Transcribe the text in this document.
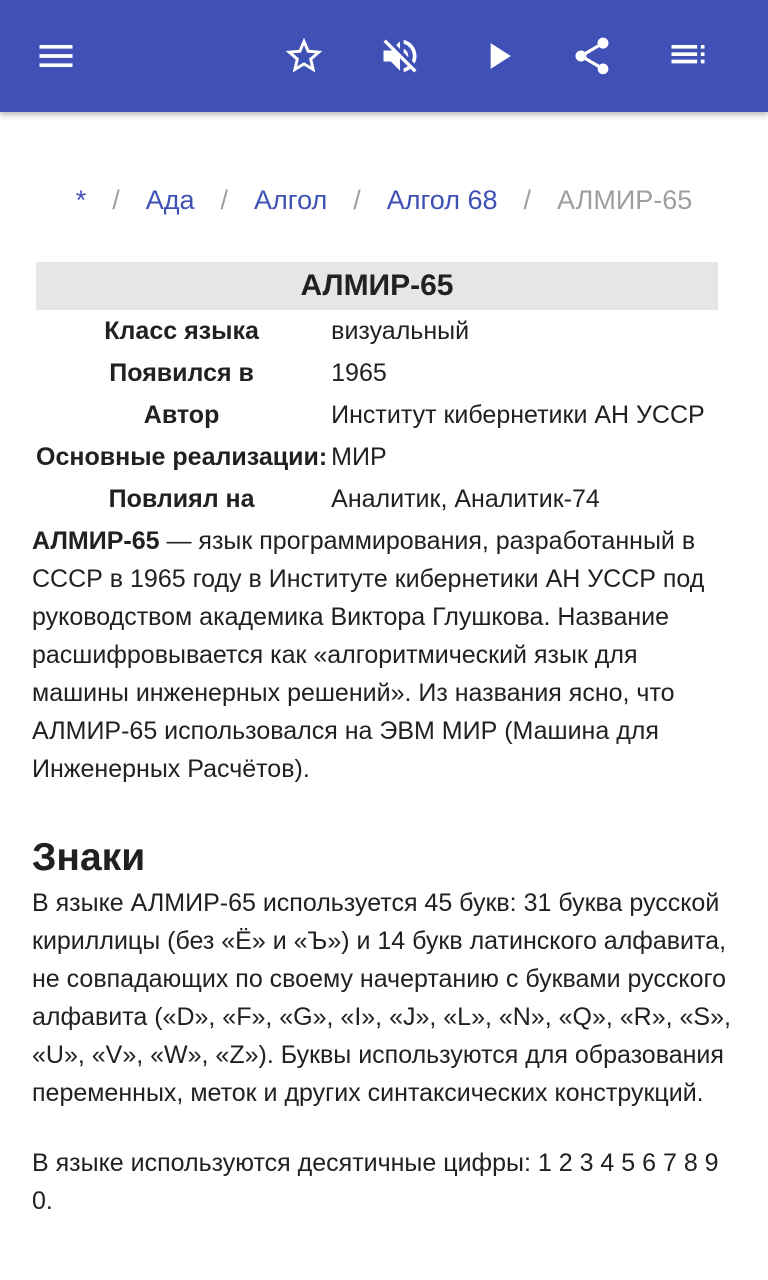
* / Ада / Алгол / Алгол 68 / АЛМИР-65
АЛМИР-65
Класс языка	визуальный
Появился в	1965
Автор	Институт кибернетики АН УССР
Основные реализации:	МИР
Повлиял на	Аналитик, Аналитик-74

АЛМИР-65 — язык программирования, разработанный в СССР в 1965 году в Институте кибернетики АН УССР под руководством академика Виктора Глушкова. Название расшифровывается как «алгоритмический язык для машины инженерных решений». Из названия ясно, что АЛМИР-65 использовался на ЭВМ МИР (Машина для Инженерных Расчётов).

Знаки

В языке АЛМИР-65 используется 45 букв: 31 буква русской кириллицы (без «Ё» и «Ъ») и 14 букв латинского алфавита, не совпадающих по своему начертанию с буквами русского алфавита («D», «F», «G», «I», «J», «L», «N», «Q», «R», «S», «U», «V», «W», «Z»). Буквы используются для образования переменных, меток и других синтаксических конструкций.

В языке используются десятичные цифры: 1 2 3 4 5 6 7 8 9 0.
